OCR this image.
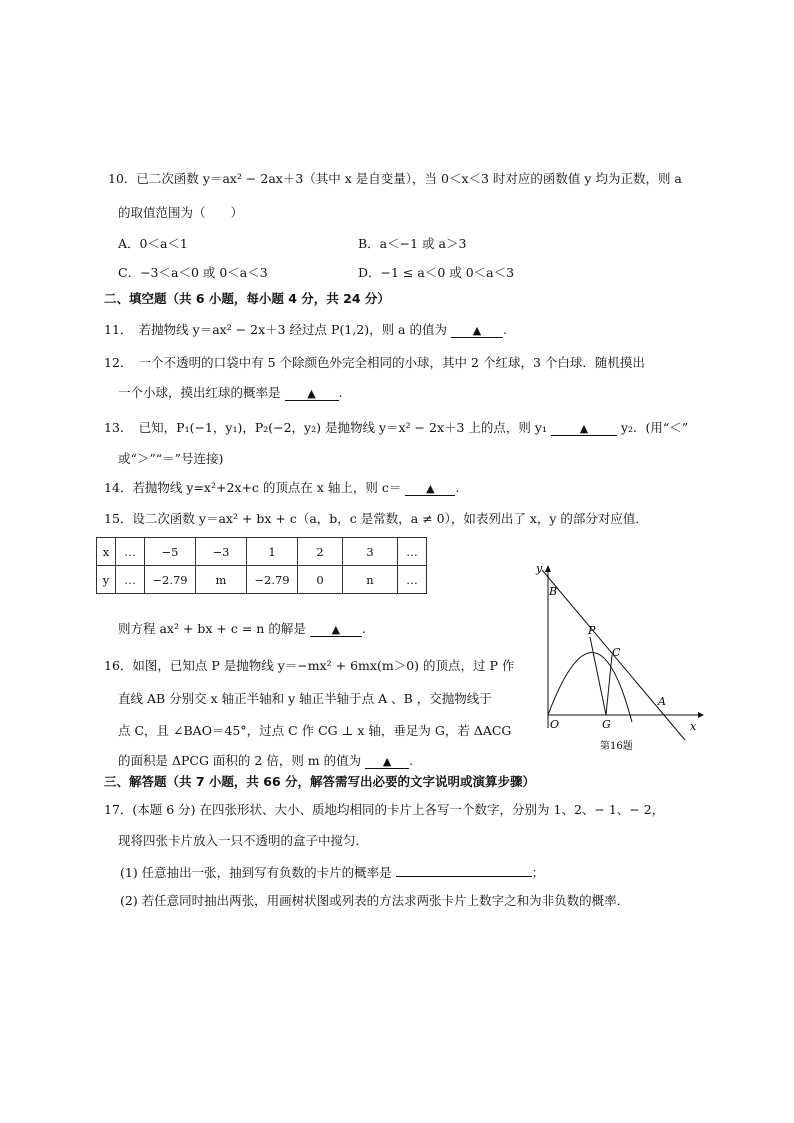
10．已二次函数 y＝ax² − 2ax＋3（其中 x 是自变量），当 0＜x＜3 时对应的函数值 y 均为正数，则 a
的取值范围为（　　）
A．0＜a＜1	B．a＜−1 或 a＞3
C．−3＜a＜0 或 0＜a＜3	D．−1 ≤ a＜0 或 0＜a＜3
二、填空题（共 6 小题，每小题 4 分，共 24 分）
11．　若抛物线 y＝ax² − 2x＋3 经过点 P(1,2)，则 a 的值为 ▲ .
12．　一个不透明的口袋中有 5 个除颜色外完全相同的小球，其中 2 个红球，3 个白球．随机摸出
一个小球，摸出红球的概率是 ▲ .
13．　已知，P₁(−1，y₁)，P₂(−2，y₂) 是抛物线 y＝x² − 2x＋3 上的点，则 y₁	▲	y₂．(用“＜”
或“＞”“＝”号连接)
14．若抛物线 y=x²+2x+c 的顶点在 x 轴上，则 c＝ ▲ .
15．设二次函数 y＝ax² + bx + c（a，b，c 是常数，a ≠ 0），如表列出了 x，y 的部分对应值．
x	…	−5	−3	1	2	3	…
y	…	−2.79	m	−2.79	0	n	…
则方程 ax² + bx + c = n 的解是 ▲ .
16．如图，已知点 P 是抛物线 y＝−mx² + 6mx(m＞0) 的顶点，过 P 作
直线 AB 分别交 x 轴正半轴和 y 轴正半轴于点 A 、B ，交抛物线于
点 C，且 ∠BAO＝45°，过点 C 作 CG ⊥ x 轴，垂足为 G，若 ΔACG
的面积是 ΔPCG 面积的 2 倍，则 m 的值为 ▲ .
y
x
B
P
C
O	G
A
第16题
三、解答题（共 7 小题，共 66 分，解答需写出必要的文字说明或演算步骤）
17．(本题 6 分) 在四张形状、大小、质地均相同的卡片上各写一个数字，分别为 1、2、− 1、− 2，
现将四张卡片放入一只不透明的盒子中搅匀．
(1) 任意抽出一张，抽到写有负数的卡片的概率是	；
(2) 若任意同时抽出两张，用画树状图或列表的方法求两张卡片上数字之和为非负数的概率．
